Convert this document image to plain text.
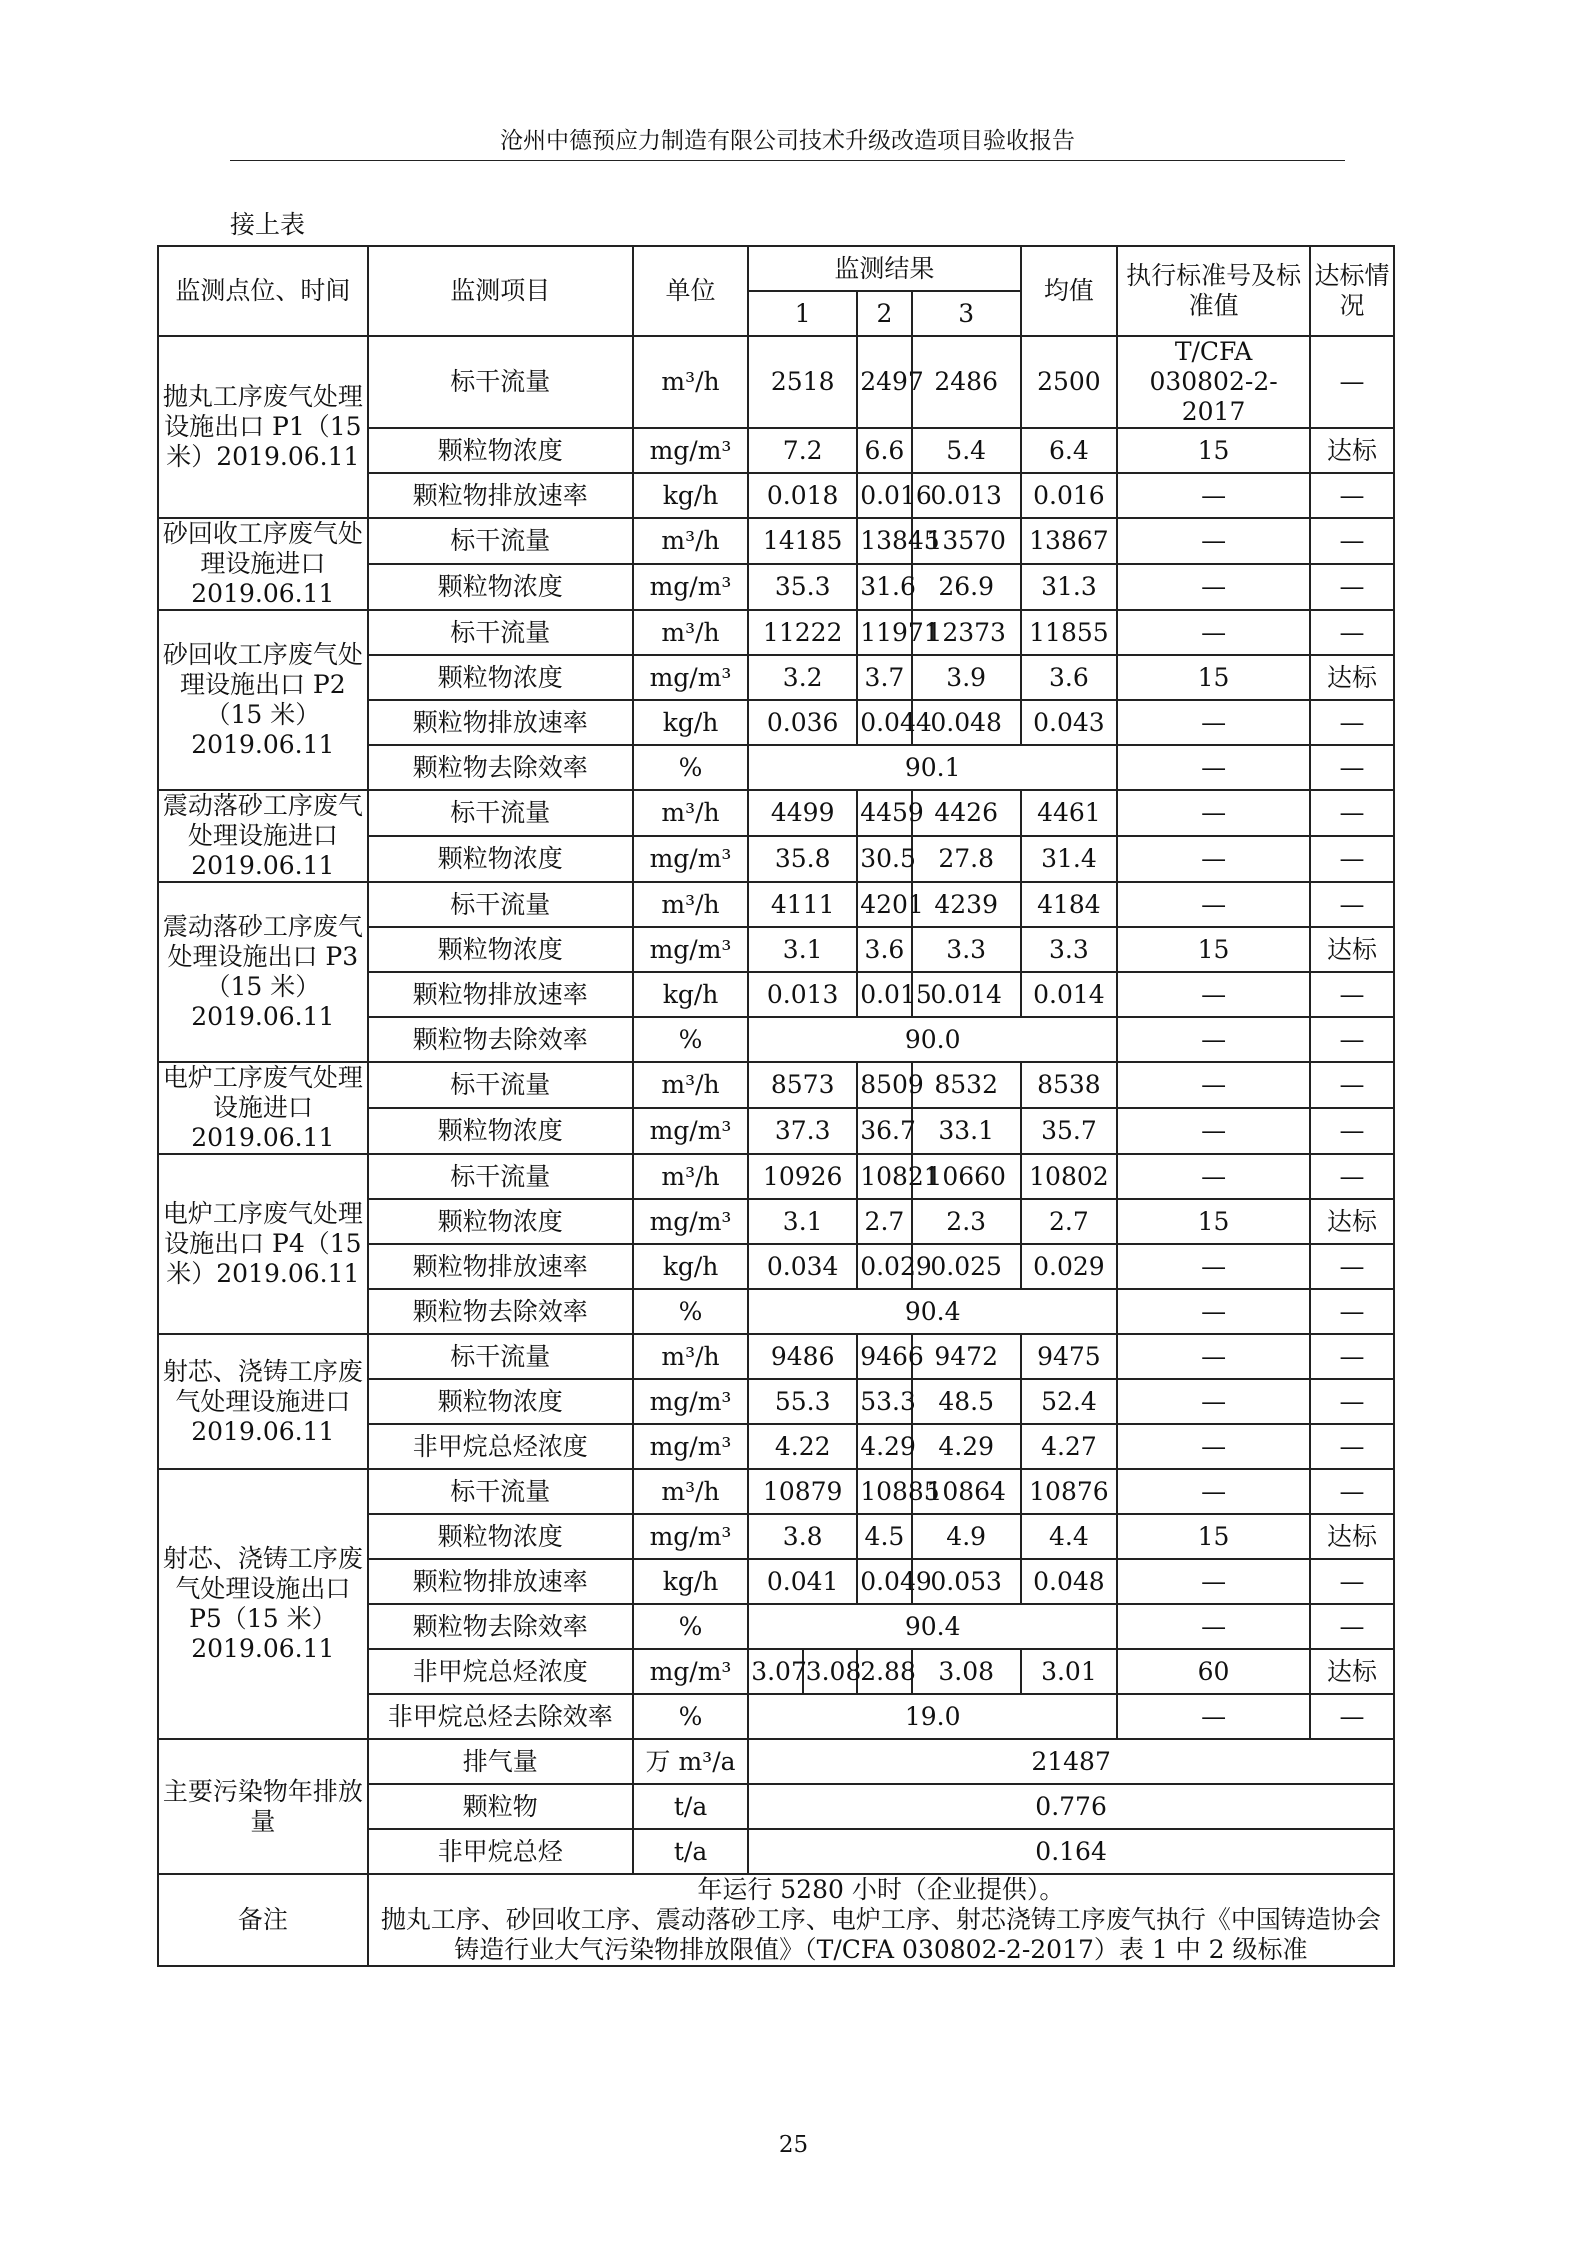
沧州中德预应力制造有限公司技术升级改造项目验收报告
接上表
监测点位、时间	监测项目	单位	监测结果				均值	执行标准号及标准值	达标情况
			1		2	3			
抛丸工序废气处理设施出口 P1（15 米）2019.06.11	标干流量	m³/h	2518		2497	2486	2500	T/CFA 030802-2-2017	—
	颗粒物浓度	mg/m³	7.2		6.6	5.4	6.4	15	达标
	颗粒物排放速率	kg/h	0.018		0.016	0.013	0.016	—	—
砂回收工序废气处理设施进口 2019.06.11	标干流量	m³/h	14185		13845	13570	13867	—	—
	颗粒物浓度	mg/m³	35.3		31.6	26.9	31.3	—	—
砂回收工序废气处理设施出口 P2（15 米）2019.06.11	标干流量	m³/h	11222		11971	12373	11855	—	—
	颗粒物浓度	mg/m³	3.2		3.7	3.9	3.6	15	达标
	颗粒物排放速率	kg/h	0.036		0.044	0.048	0.043	—	—
	颗粒物去除效率	%	90.1					—	—
震动落砂工序废气处理设施进口 2019.06.11	标干流量	m³/h	4499		4459	4426	4461	—	—
	颗粒物浓度	mg/m³	35.8		30.5	27.8	31.4	—	—
震动落砂工序废气处理设施出口 P3（15 米）2019.06.11	标干流量	m³/h	4111		4201	4239	4184	—	—
	颗粒物浓度	mg/m³	3.1		3.6	3.3	3.3	15	达标
	颗粒物排放速率	kg/h	0.013		0.015	0.014	0.014	—	—
	颗粒物去除效率	%	90.0					—	—
电炉工序废气处理设施进口 2019.06.11	标干流量	m³/h	8573		8509	8532	8538	—	—
	颗粒物浓度	mg/m³	37.3		36.7	33.1	35.7	—	—
电炉工序废气处理设施出口 P4（15 米）2019.06.11	标干流量	m³/h	10926		10821	10660	10802	—	—
	颗粒物浓度	mg/m³	3.1		2.7	2.3	2.7	15	达标
	颗粒物排放速率	kg/h	0.034		0.029	0.025	0.029	—	—
	颗粒物去除效率	%	90.4					—	—
射芯、浇铸工序废气处理设施进口 2019.06.11	标干流量	m³/h	9486		9466	9472	9475	—	—
	颗粒物浓度	mg/m³	55.3		53.3	48.5	52.4	—	—
	非甲烷总烃浓度	mg/m³	4.22		4.29	4.29	4.27	—	—
射芯、浇铸工序废气处理设施出口 P5（15 米）2019.06.11	标干流量	m³/h	10879		10885	10864	10876	—	—
	颗粒物浓度	mg/m³	3.8		4.5	4.9	4.4	15	达标
	颗粒物排放速率	kg/h	0.041		0.049	0.053	0.048	—	—
	颗粒物去除效率	%	90.4					—	—
	非甲烷总烃浓度	mg/m³	3.07	3.08	2.88	3.08	3.01	60	达标
	非甲烷总烃去除效率	%	19.0					—	—
主要污染物年排放量	排气量	万 m³/a	21487						
	颗粒物	t/a	0.776						
	非甲烷总烃	t/a	0.164						
备注	年运行 5280 小时（企业提供）。
抛丸工序、砂回收工序、震动落砂工序、电炉工序、射芯浇铸工序废气执行《中国铸造协会铸造行业大气污染物排放限值》（T/CFA 030802-2-2017）表 1 中 2 级标准								
25
